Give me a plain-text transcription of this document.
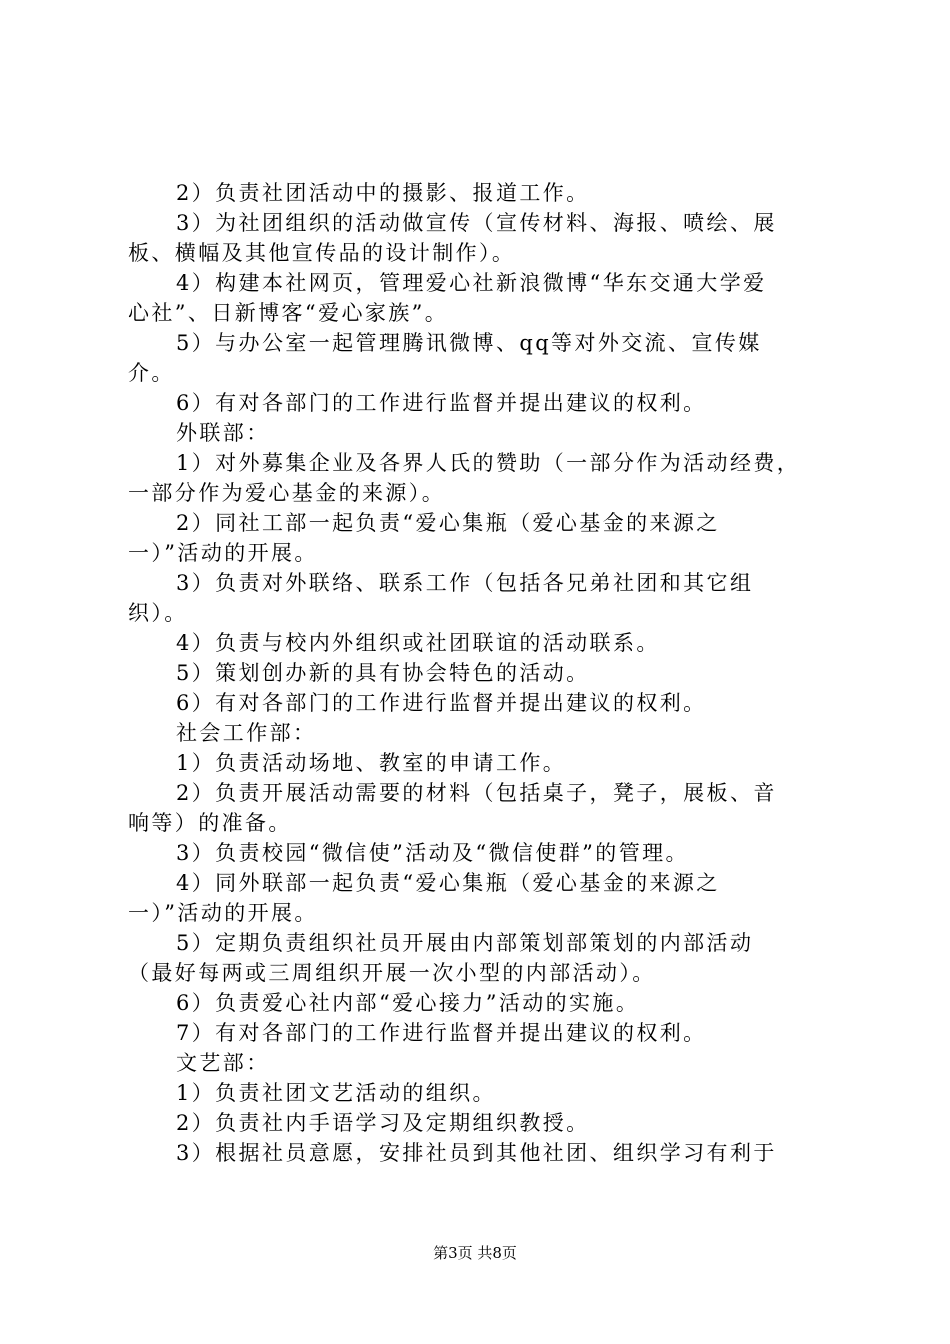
2）负责社团活动中的摄影、报道工作。
3）为社团组织的活动做宣传（宣传材料、海报、喷绘、展
板、横幅及其他宣传品的设计制作）。
4）构建本社网页，管理爱心社新浪微博“华东交通大学爱
心社”、日新博客“爱心家族”。
5）与办公室一起管理腾讯微博、qq等对外交流、宣传媒
介。
6）有对各部门的工作进行监督并提出建议的权利。
外联部：
1）对外募集企业及各界人氏的赞助（一部分作为活动经费，
一部分作为爱心基金的来源）。
2）同社工部一起负责“爱心集瓶（爱心基金的来源之
一）”活动的开展。
3）负责对外联络、联系工作（包括各兄弟社团和其它组
织）。
4）负责与校内外组织或社团联谊的活动联系。
5）策划创办新的具有协会特色的活动。
6）有对各部门的工作进行监督并提出建议的权利。
社会工作部：
1）负责活动场地、教室的申请工作。
2）负责开展活动需要的材料（包括桌子，凳子，展板、音
响等）的准备。
3）负责校园“微信使”活动及“微信使群”的管理。
4）同外联部一起负责“爱心集瓶（爱心基金的来源之
一）”活动的开展。
5）定期负责组织社员开展由内部策划部策划的内部活动
（最好每两或三周组织开展一次小型的内部活动）。
6）负责爱心社内部“爱心接力”活动的实施。
7）有对各部门的工作进行监督并提出建议的权利。
文艺部：
1）负责社团文艺活动的组织。
2）负责社内手语学习及定期组织教授。
3）根据社员意愿，安排社员到其他社团、组织学习有利于
第3页 共8页
